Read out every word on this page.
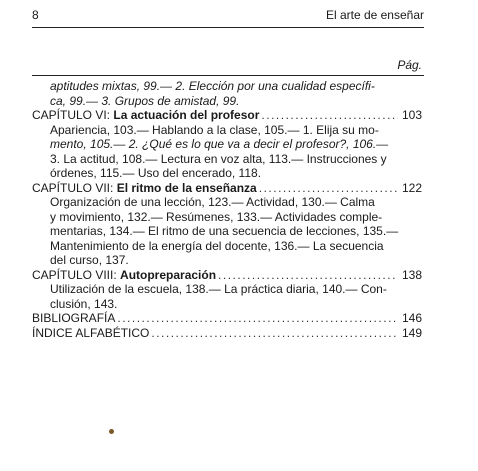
8	El arte de enseñar
Pág.
aptitudes mixtas, 99.— 2. Elección por una cualidad específi-
ca, 99.— 3. Grupos de amistad, 99.
CAPÍTULO VI: La actuación del profesor .....	103
Apariencia, 103.— Hablando a la clase, 105.— 1. Elija su mo-
mento, 105.— 2. ¿Qué es lo que va a decir el profesor?, 106.—
3. La actitud, 108.— Lectura en voz alta, 113.— Instrucciones y
órdenes, 115.— Uso del encerado, 118.
CAPÍTULO VII: El ritmo de la enseñanza .....	122
Organización de una lección, 123.— Actividad, 130.— Calma
y movimiento, 132.— Resúmenes, 133.— Actividades comple-
mentarias, 134.— El ritmo de una secuencia de lecciones, 135.—
Mantenimiento de la energía del docente, 136.— La secuencia
del curso, 137.
CAPÍTULO VIII: Autopreparación .....	138
Utilización de la escuela, 138.— La práctica diaria, 140.— Con-
clusión, 143.
BIBLIOGRAFÍA .....	146
ÍNDICE ALFABÉTICO .....	149
